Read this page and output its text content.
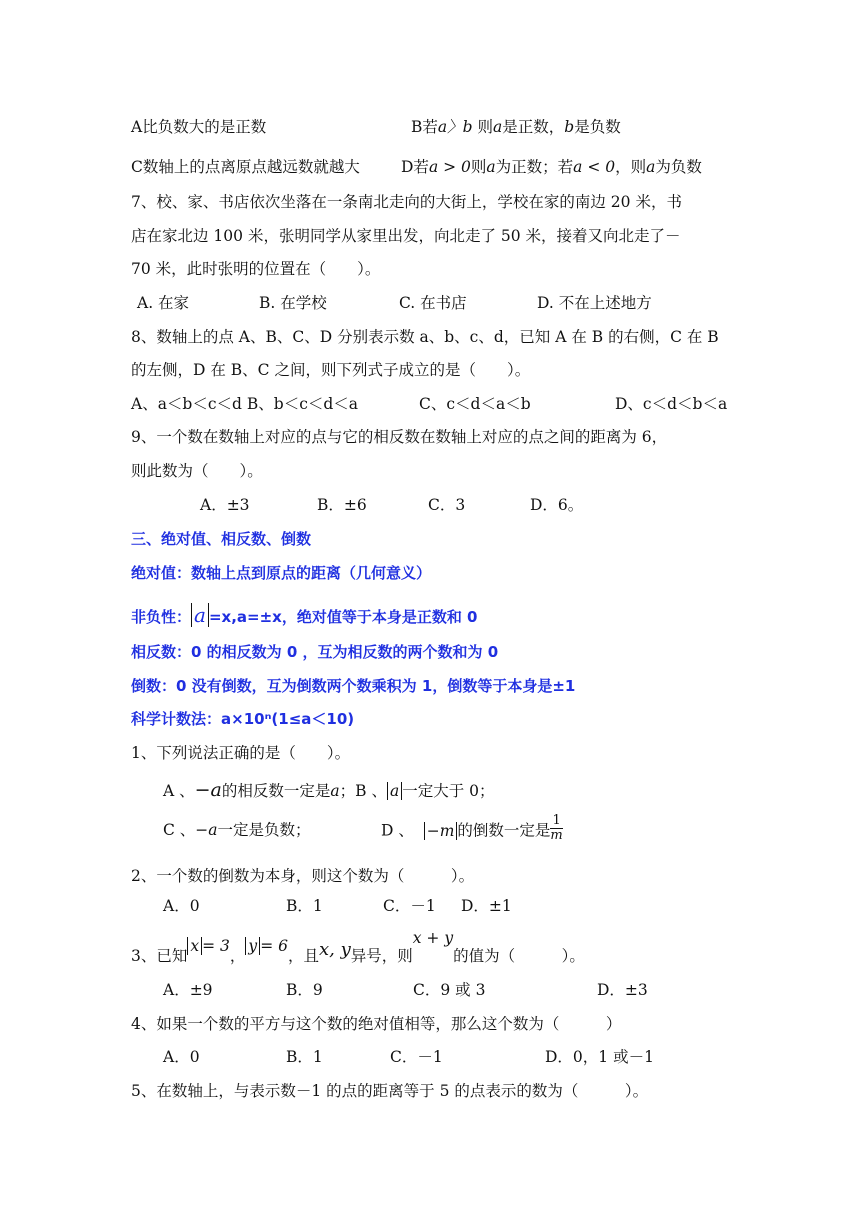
A比负数大的是正数	B若a〉b 则a是正数，b是负数
C数轴上的点离原点越远数就越大	D若a > 0则a为正数；若a < 0，则a为负数
7、校、家、书店依次坐落在一条南北走向的大街上，学校在家的南边 20 米，书
店在家北边 100 米，张明同学从家里出发，向北走了 50 米，接着又向北走了－
70 米，此时张明的位置在（　　）。
A. 在家	B. 在学校	C. 在书店	D. 不在上述地方
8、数轴上的点 A、B、C、D 分别表示数 a、b、c、d，已知 A 在 B 的右侧，C 在 B
的左侧，D 在 B、C 之间，则下列式子成立的是（　　）。
A、a＜b＜c＜d B、b＜c＜d＜a	C、c＜d＜a＜b	D、c＜d＜b＜a
9、一个数在数轴上对应的点与它的相反数在数轴上对应的点之间的距离为 6，
则此数为（　　）。
A．±3	B．±6	C．3	D．6。
三、绝对值、相反数、倒数
绝对值：数轴上点到原点的距离（几何意义）
非负性： a =x,a=±x，绝对值等于本身是正数和 0
相反数：0 的相反数为 0 ，互为相反数的两个数和为 0
倒数：0 没有倒数，互为倒数两个数乘积为 1，倒数等于本身是±1
科学计数法：a×10ⁿ(1≤a＜10)
1、下列说法正确的是（　　）。
A 、−a的相反数一定是a；B 、 a 一定大于 0；
C 、−a一定是负数；	D 、 −m 的倒数一定是 $\frac{1}{m}$
2、一个数的倒数为本身，则这个数为（　　　）。
A．0	B．1	C．－1 D．±1
3、已知x = 3，y = 6，且x, y异号，则x + y的值为（　　　）。
A．±9	B．9	C．9 或 3	D．±3
4、如果一个数的平方与这个数的绝对值相等，那么这个数为（　　　）
A．0	B．1	C．－1	D．0，1 或－1
5、在数轴上，与表示数－1 的点的距离等于 5 的点表示的数为（　　　）。
